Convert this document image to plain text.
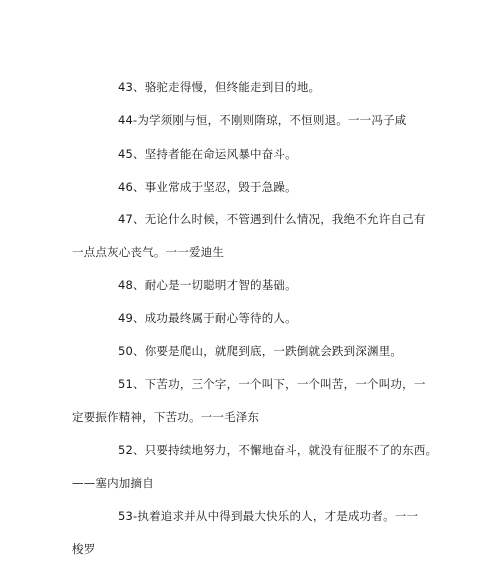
43、骆驼走得慢，但终能走到目的地。
44-为学须刚与恒，不刚则隋琼，不恒则退。一一冯子咸
45、坚持者能在命运风暴中奋斗。
46、事业常成于坚忍，毁于急躁。
47、无论什么时候，不管遇到什么情况，我绝不允许自己有
一点点灰心丧气。一一爱迪生
48、耐心是一切聪明才智的基础。
49、成功最终属于耐心等待的人。
50、你要是爬山，就爬到底，一跌倒就会跌到深渊里。
51、下苦功，三个字，一个叫下，一个叫苦，一个叫功，一
定要振作精神，下苦功。一一毛泽东
52、只要持续地努力，不懈地奋斗，就没有征服不了的东西。
——塞内加摘自
53-执着追求并从中得到最大快乐的人，才是成功者。一一
梭罗
